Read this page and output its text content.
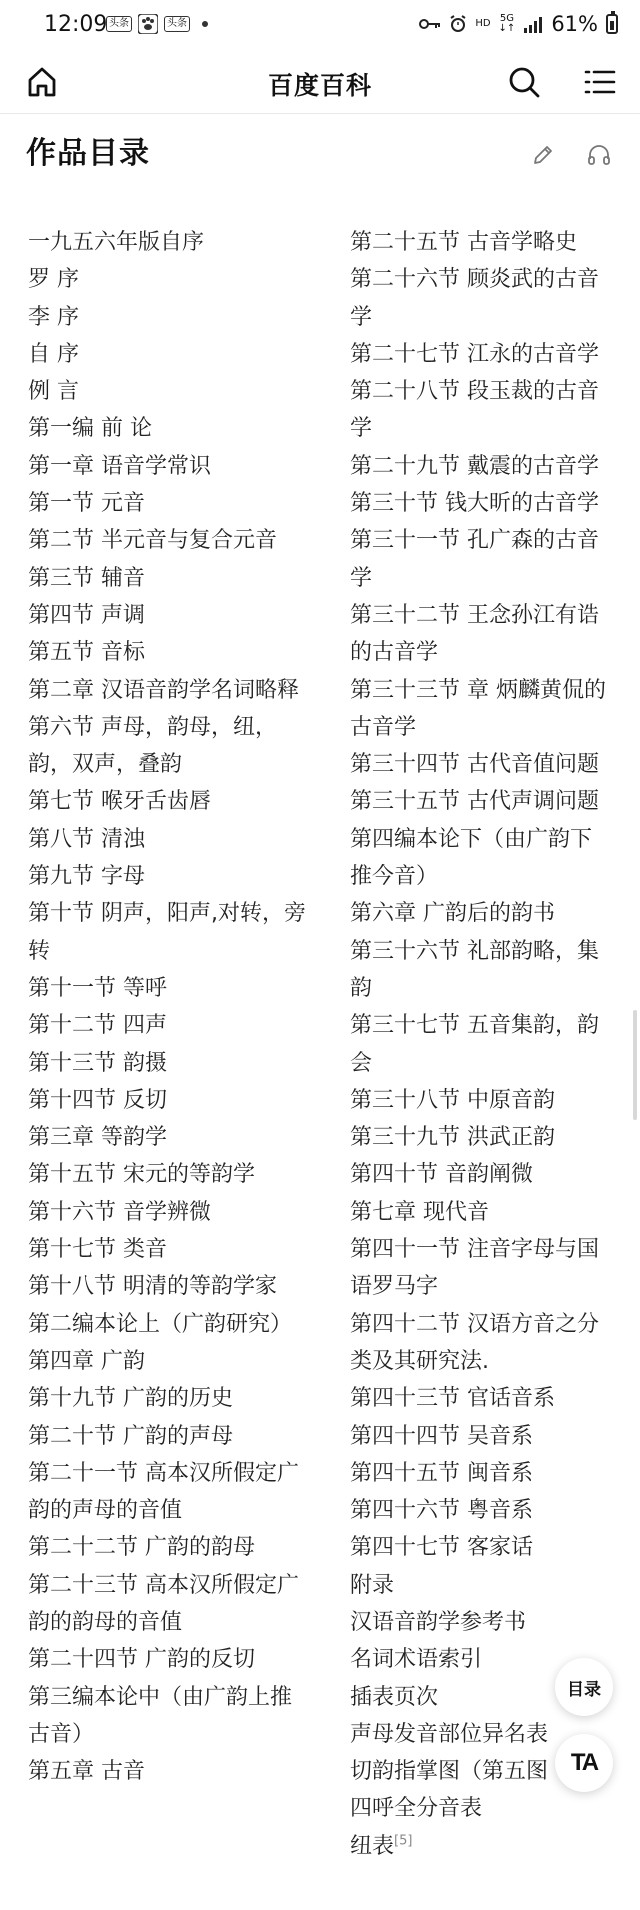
12:09 头条	头条	HD 5G
↓↑ 61%
百度百科
作品目录
一九五六年版自序
罗 序
李 序
自 序
例 言
第一编 前 论
第一章 语音学常识
第一节 元音
第二节 半元音与复合元音
第三节 辅音
第四节 声调
第五节 音标
第二章 汉语音韵学名词略释
第六节 声母，韵母，纽，
韵，双声，叠韵
第七节 喉牙舌齿唇
第八节 清浊
第九节 字母
第十节 阴声，阳声,对转，旁
转
第十一节 等呼
第十二节 四声
第十三节 韵摄
第十四节 反切
第三章 等韵学
第十五节 宋元的等韵学
第十六节 音学辨微
第十七节 类音
第十八节 明清的等韵学家
第二编本论上（广韵研究）
第四章 广韵
第十九节 广韵的历史
第二十节 广韵的声母
第二十一节 高本汉所假定广
韵的声母的音值
第二十二节 广韵的韵母
第二十三节 高本汉所假定广
韵的韵母的音值
第二十四节 广韵的反切
第三编本论中（由广韵上推
古音）
第五章 古音
第二十五节 古音学略史
第二十六节 顾炎武的古音
学
第二十七节 江永的古音学
第二十八节 段玉裁的古音
学
第二十九节 戴震的古音学
第三十节 钱大昕的古音学
第三十一节 孔广森的古音
学
第三十二节 王念孙江有诰
的古音学
第三十三节 章 炳麟黄侃的
古音学
第三十四节 古代音值问题
第三十五节 古代声调问题
第四编本论下（由广韵下
推今音）
第六章 广韵后的韵书
第三十六节 礼部韵略，集
韵
第三十七节 五音集韵，韵
会
第三十八节 中原音韵
第三十九节 洪武正韵
第四十节 音韵阐微
第七章 现代音
第四十一节 注音字母与国
语罗马字
第四十二节 汉语方音之分
类及其研究法.
第四十三节 官话音系
第四十四节 吴音系
第四十五节 闽音系
第四十六节 粤音系
第四十七节 客家话
附录
汉语音韵学参考书
名词术语索引
插表页次
声母发音部位异名表
切韵指掌图（第五图
四呼全分音表
纽表[5]
目录
TA
